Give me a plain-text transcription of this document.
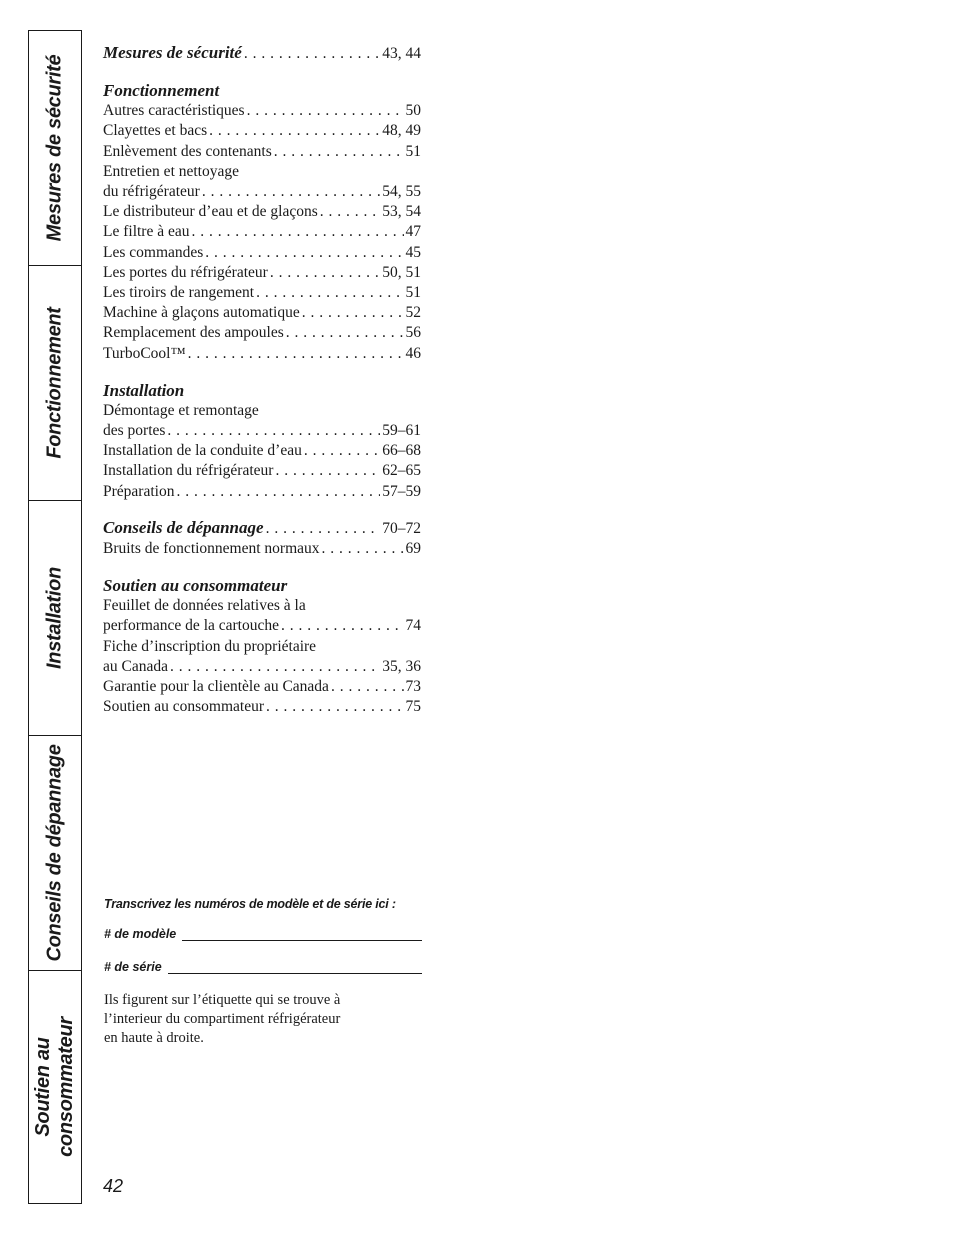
Mesures de sécurité
Fonctionnement
Installation
Conseils de dépannage
Soutien au consommateur
Mesures de sécurité . . .	43, 44
Fonctionnement
Autres caractéristiques . . .	50
Clayettes et bacs . . .	48, 49
Enlèvement des contenants . . .	51
Entretien et nettoyage
du réfrigérateur . . .	54, 55
Le distributeur d’eau et de glaçons . . .	53, 54
Le filtre à eau . . .	47
Les commandes . . .	45
Les portes du réfrigérateur . . .	50, 51
Les tiroirs de rangement . . .	51
Machine à glaçons automatique . . .	52
Remplacement des ampoules . . .	56
TurboCool™ . . .	46
Installation
Démontage et remontage
des portes . . .	59–61
Installation de la conduite d’eau . . .	66–68
Installation du réfrigérateur . . .	62–65
Préparation . . .	57–59
Conseils de dépannage . . .	70–72
Bruits de fonctionnement normaux . . .	69
Soutien au consommateur
Feuillet de données relatives à la
performance de la cartouche . . .	74
Fiche d’inscription du propriétaire
au Canada . . .	35, 36
Garantie pour la clientèle au Canada . . .	73
Soutien au consommateur . . .	75
Transcrivez les numéros de modèle et de série ici :
# de modèle
# de série
Ils figurent sur l’étiquette qui se trouve à
l’interieur du compartiment réfrigérateur
en haute à droite.
42
